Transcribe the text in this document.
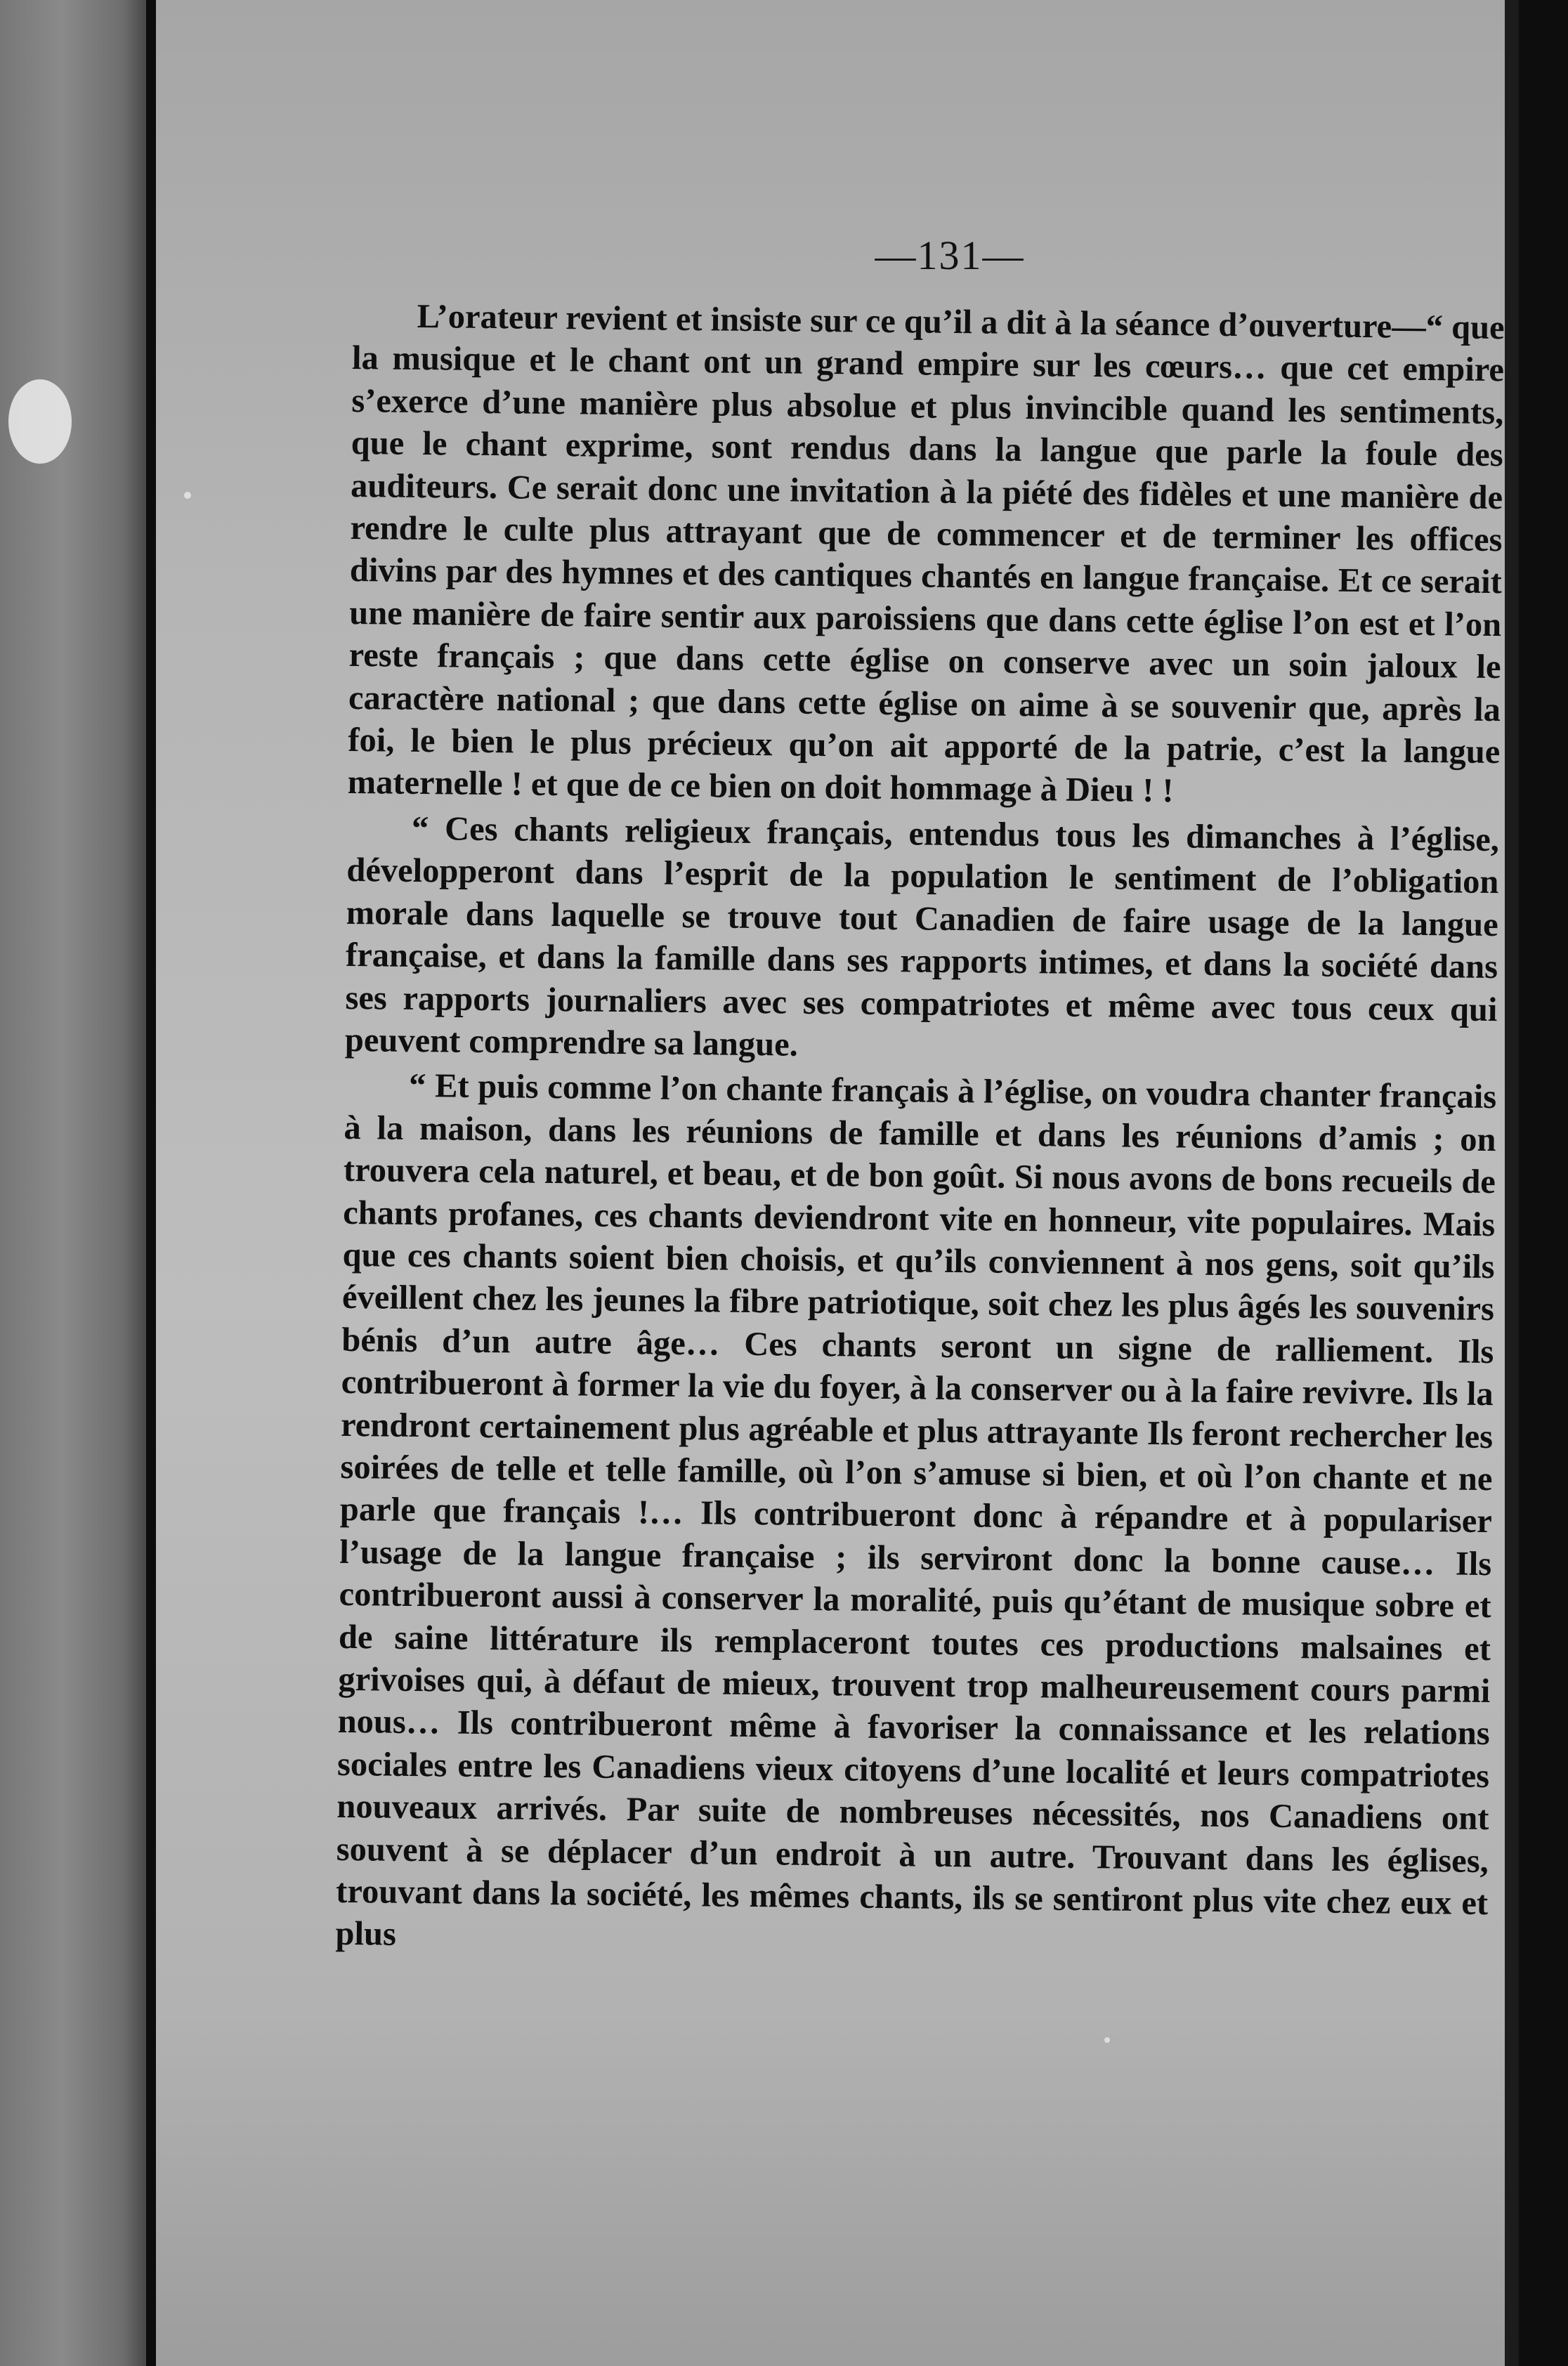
—131—

L’orateur revient et insiste sur ce qu’il a dit à la séance d’ouverture—“ que la musique et le chant ont un grand empire sur les cœurs… que cet empire s’exerce d’une manière plus absolue et plus invincible quand les sentiments, que le chant exprime, sont rendus dans la langue que parle la foule des auditeurs. Ce serait donc une invitation à la piété des fidèles et une manière de rendre le culte plus attrayant que de commencer et de terminer les offices divins par des hymnes et des cantiques chantés en langue française. Et ce serait une manière de faire sentir aux paroissiens que dans cette église l’on est et l’on reste français ; que dans cette église on conserve avec un soin jaloux le caractère national ; que dans cette église on aime à se souvenir que, après la foi, le bien le plus précieux qu’on ait apporté de la patrie, c’est la langue maternelle ! et que de ce bien on doit hommage à Dieu ! !

“ Ces chants religieux français, entendus tous les dimanches à l’église, développeront dans l’esprit de la population le sentiment de l’obligation morale dans laquelle se trouve tout Canadien de faire usage de la langue française, et dans la famille dans ses rapports intimes, et dans la société dans ses rapports journaliers avec ses compatriotes et même avec tous ceux qui peuvent comprendre sa langue.

“ Et puis comme l’on chante français à l’église, on voudra chanter français à la maison, dans les réunions de famille et dans les réunions d’amis ; on trouvera cela naturel, et beau, et de bon goût. Si nous avons de bons recueils de chants profanes, ces chants deviendront vite en honneur, vite populaires. Mais que ces chants soient bien choisis, et qu’ils conviennent à nos gens, soit qu’ils éveillent chez les jeunes la fibre patriotique, soit chez les plus âgés les souvenirs bénis d’un autre âge… Ces chants seront un signe de ralliement. Ils contribueront à former la vie du foyer, à la conserver ou à la faire revivre. Ils la rendront certainement plus agréable et plus attrayante Ils feront rechercher les soirées de telle et telle famille, où l’on s’amuse si bien, et où l’on chante et ne parle que français !… Ils contribueront donc à répandre et à populariser l’usage de la langue française ; ils serviront donc la bonne cause… Ils contribueront aussi à conserver la moralité, puis qu’étant de musique sobre et de saine littérature ils remplaceront toutes ces productions malsaines et grivoises qui, à défaut de mieux, trouvent trop malheureusement cours parmi nous… Ils contribueront même à favoriser la connaissance et les relations sociales entre les Canadiens vieux citoyens d’une localité et leurs compatriotes nouveaux arrivés. Par suite de nombreuses nécessités, nos Canadiens ont souvent à se déplacer d’un endroit à un autre. Trouvant dans les églises, trouvant dans la société, les mêmes chants, ils se sentiront plus vite chez eux et plus
